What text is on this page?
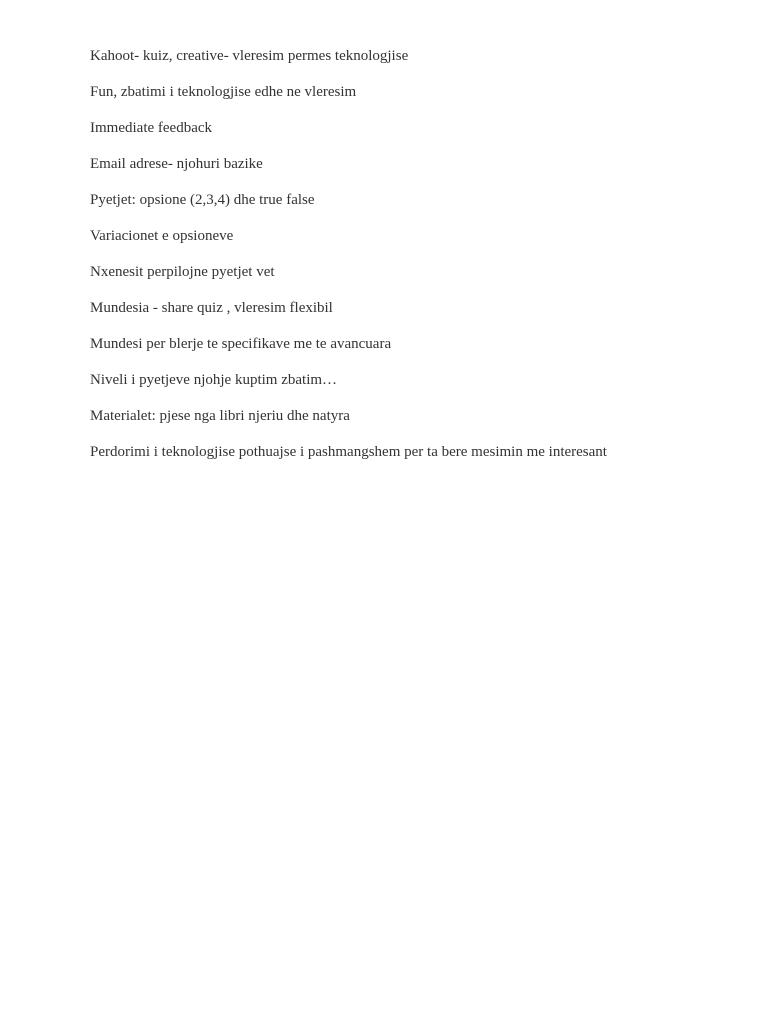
Kahoot- kuiz, creative- vleresim permes teknologjise

Fun, zbatimi i teknologjise edhe ne vleresim

Immediate feedback

Email adrese- njohuri bazike

Pyetjet: opsione (2,3,4) dhe true false

Variacionet e opsioneve

Nxenesit perpilojne pyetjet vet

Mundesia - share quiz , vleresim flexibil

Mundesi per blerje te specifikave me te avancuara

Niveli i pyetjeve njohje kuptim zbatim…

Materialet: pjese nga libri njeriu dhe natyra

Perdorimi i teknologjise pothuajse i pashmangshem per ta bere mesimin me interesant
